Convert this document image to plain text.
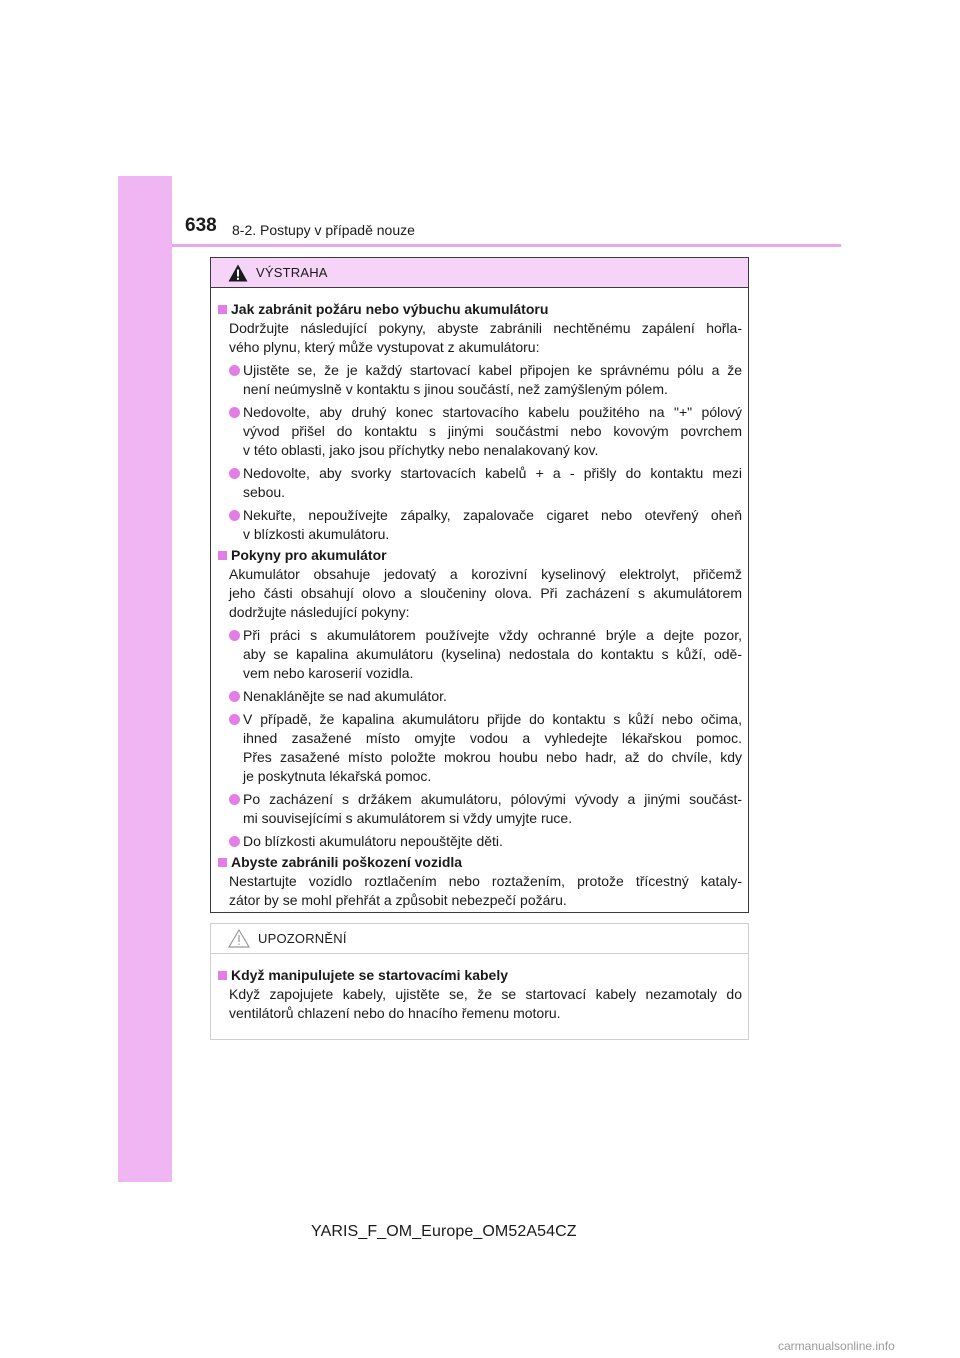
638 8-2. Postupy v případě nouze
VÝSTRAHA
Jak zabránit požáru nebo výbuchu akumulátoru
Dodržujte následující pokyny, abyste zabránili nechtěnému zapálení hořla-
vého plynu, který může vystupovat z akumulátoru:
Ujistěte se, že je každý startovací kabel připojen ke správnému pólu a že
není neúmyslně v kontaktu s jinou součástí, než zamýšleným pólem.
Nedovolte, aby druhý konec startovacího kabelu použitého na "+" pólový
vývod přišel do kontaktu s jinými součástmi nebo kovovým povrchem
v této oblasti, jako jsou příchytky nebo nenalakovaný kov.
Nedovolte, aby svorky startovacích kabelů + a - přišly do kontaktu mezi
sebou.
Nekuřte, nepoužívejte zápalky, zapalovače cigaret nebo otevřený oheň
v blízkosti akumulátoru.
Pokyny pro akumulátor
Akumulátor obsahuje jedovatý a korozivní kyselinový elektrolyt, přičemž
jeho části obsahují olovo a sloučeniny olova. Při zacházení s akumulátorem
dodržujte následující pokyny:
Při práci s akumulátorem používejte vždy ochranné brýle a dejte pozor,
aby se kapalina akumulátoru (kyselina) nedostala do kontaktu s kůží, odě‑
vem nebo karoserií vozidla.
Nenaklánějte se nad akumulátor.
V případě, že kapalina akumulátoru přijde do kontaktu s kůží nebo očima,
ihned zasažené místo omyjte vodou a vyhledejte lékařskou pomoc.
Přes zasažené místo položte mokrou houbu nebo hadr, až do chvíle, kdy
je poskytnuta lékařská pomoc.
Po zacházení s držákem akumulátoru, pólovými vývody a jinými součást-
mi souvisejícími s akumulátorem si vždy umyjte ruce.
Do blízkosti akumulátoru nepouštějte děti.
Abyste zabránili poškození vozidla
Nestartujte vozidlo roztlačením nebo roztažením, protože třícestný kataly-
zátor by se mohl přehřát a způsobit nebezpečí požáru.
UPOZORNĚNÍ
Když manipulujete se startovacími kabely
Když zapojujete kabely, ujistěte se, že se startovací kabely nezamotaly do
ventilátorů chlazení nebo do hnacího řemenu motoru.
YARIS_F_OM_Europe_OM52A54CZ
carmanualsonline.info
